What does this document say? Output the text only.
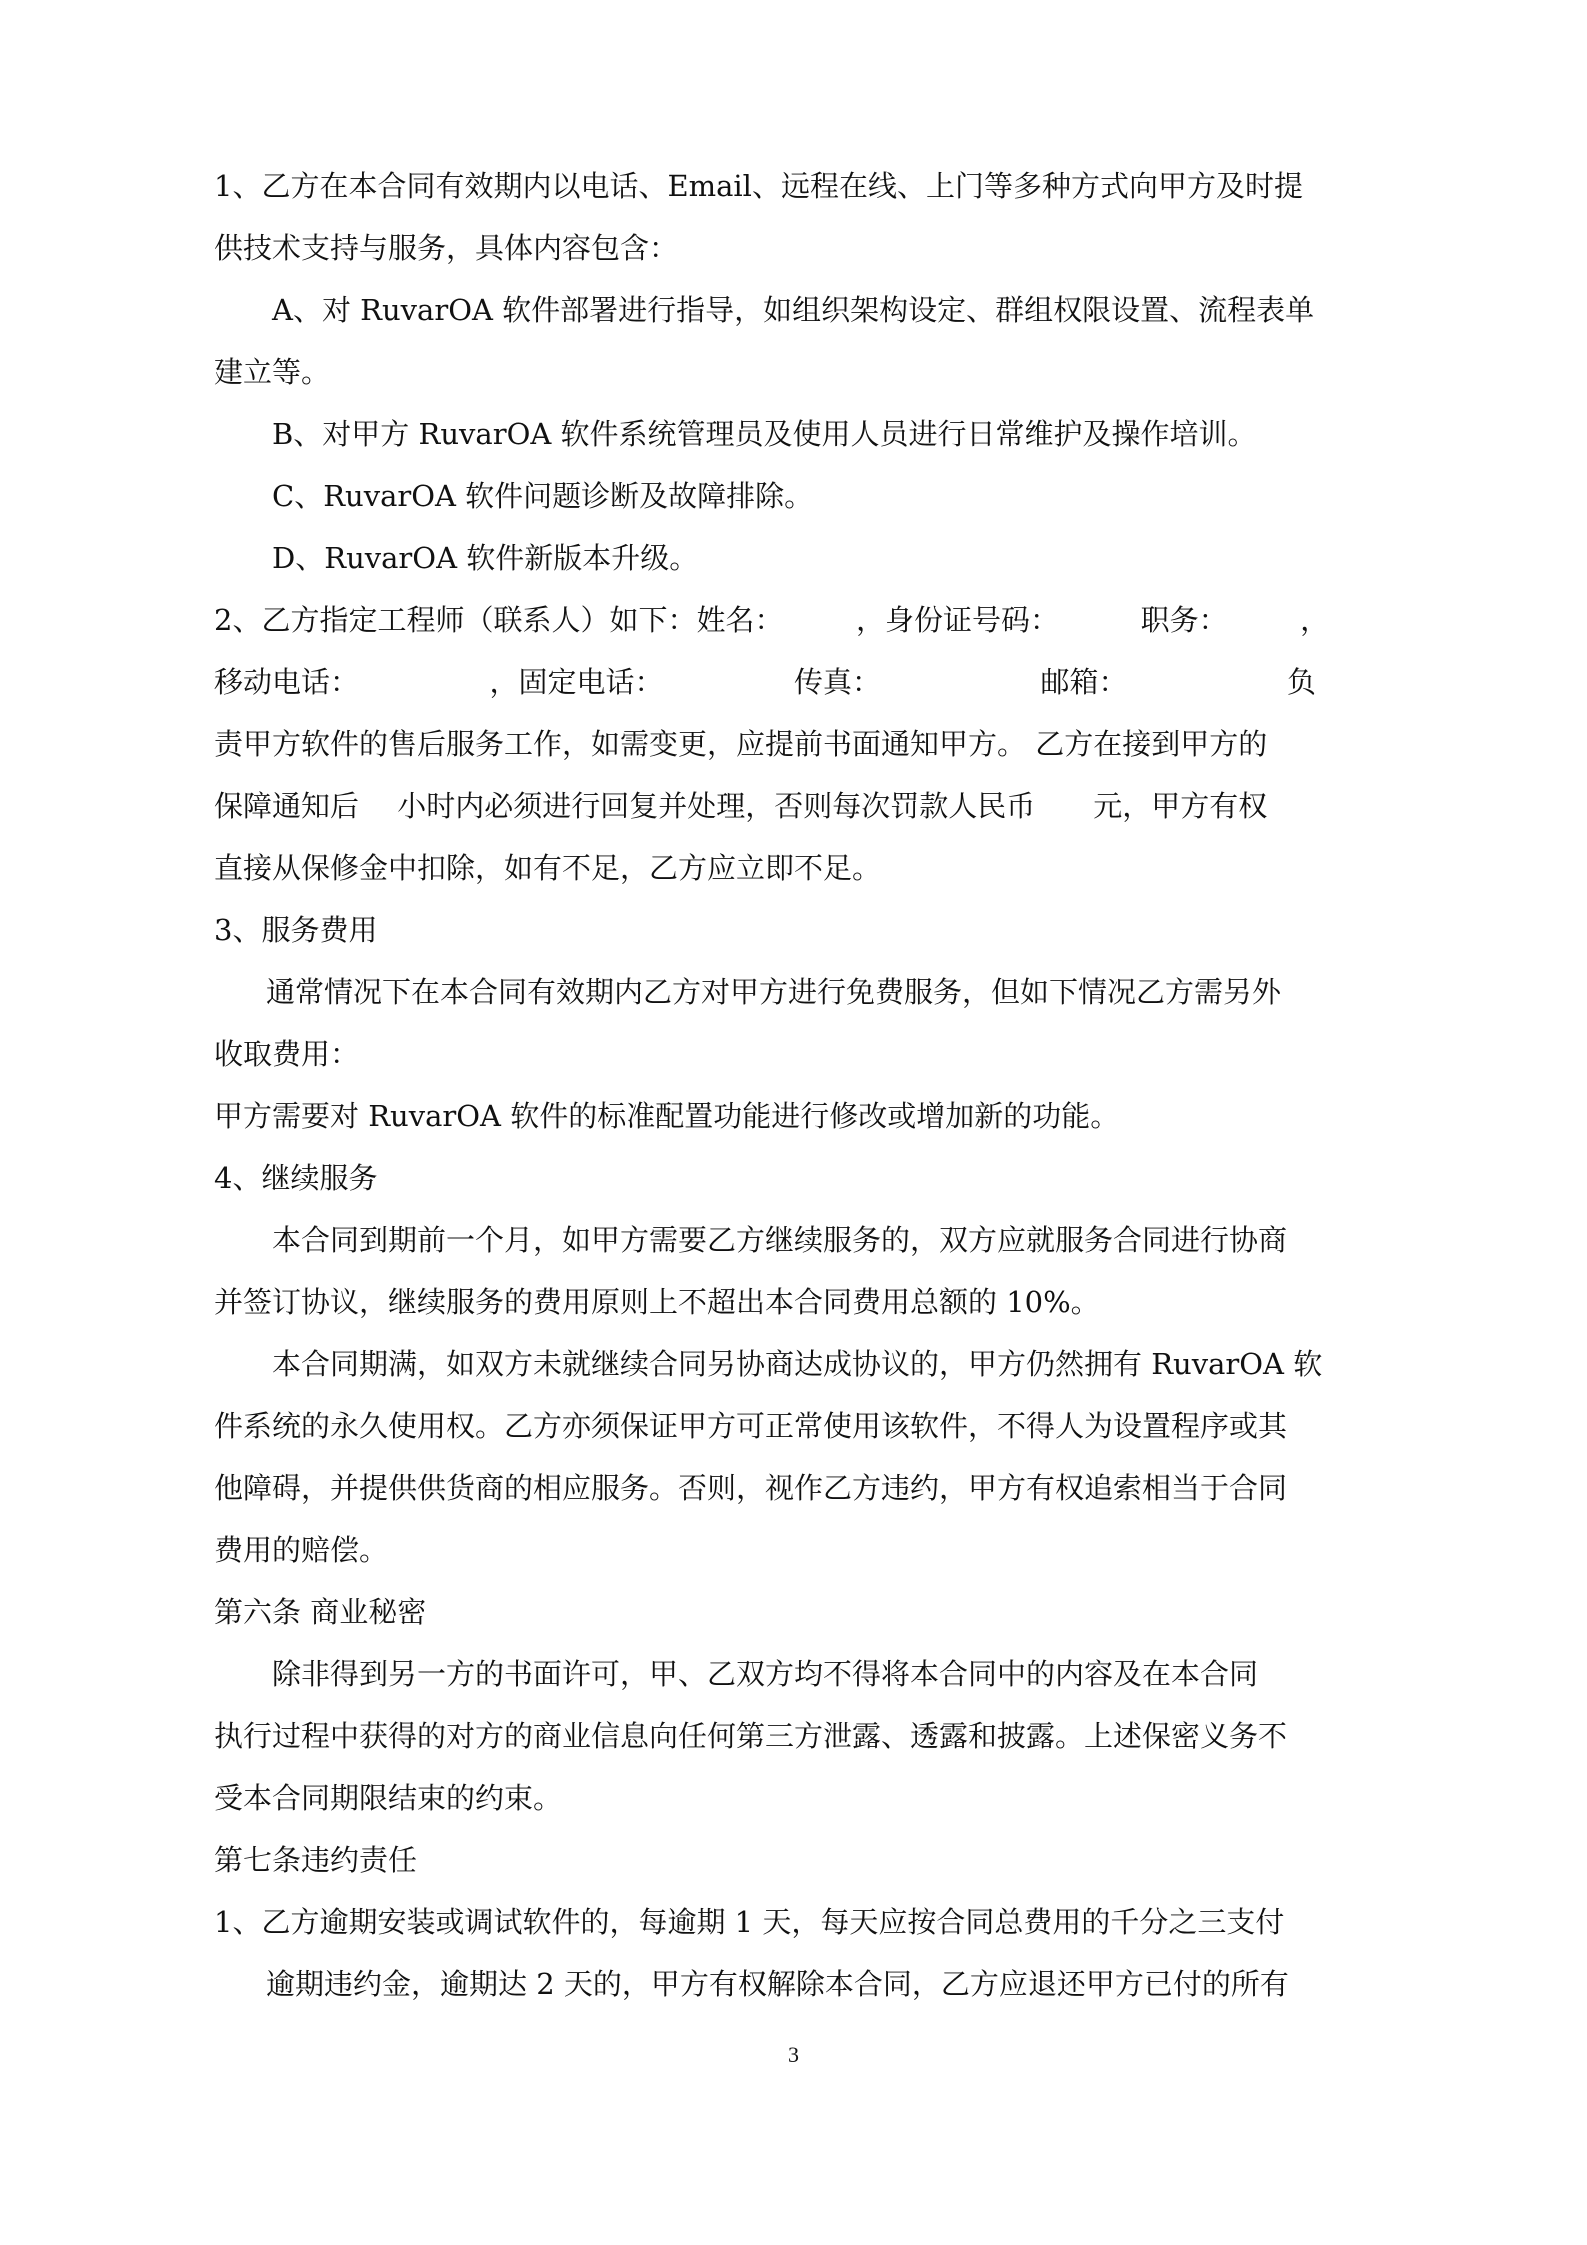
1、乙方在本合同有效期内以电话、Email、远程在线、上门等多种方式向甲方及时提
供技术支持与服务，具体内容包含：
A、对 RuvarOA 软件部署进行指导，如组织架构设定、群组权限设置、流程表单
建立等。
B、对甲方 RuvarOA 软件系统管理员及使用人员进行日常维护及操作培训。
C、RuvarOA 软件问题诊断及故障排除。
D、RuvarOA 软件新版本升级。
2、乙方指定工程师（联系人）如下：姓名：　　　，身份证号码：　　　 职务：　　　，
移动电话：　　　　　，固定电话：　　　　　传真：　　　　　　邮箱：　　　　　　负
责甲方软件的售后服务工作，如需变更，应提前书面通知甲方。 乙方在接到甲方的
保障通知后　 小时内必须进行回复并处理，否则每次罚款人民币　　元，甲方有权
直接从保修金中扣除，如有不足，乙方应立即不足。
3、服务费用
通常情况下在本合同有效期内乙方对甲方进行免费服务，但如下情况乙方需另外
收取费用：
甲方需要对 RuvarOA 软件的标准配置功能进行修改或增加新的功能。
4、继续服务
本合同到期前一个月，如甲方需要乙方继续服务的，双方应就服务合同进行协商
并签订协议，继续服务的费用原则上不超出本合同费用总额的 10%。
本合同期满，如双方未就继续合同另协商达成协议的，甲方仍然拥有 RuvarOA 软
件系统的永久使用权。乙方亦须保证甲方可正常使用该软件，不得人为设置程序或其
他障碍，并提供供货商的相应服务。否则，视作乙方违约，甲方有权追索相当于合同
费用的赔偿。
第六条 商业秘密
除非得到另一方的书面许可，甲、乙双方均不得将本合同中的内容及在本合同
执行过程中获得的对方的商业信息向任何第三方泄露、透露和披露。上述保密义务不
受本合同期限结束的约束。
第七条违约责任
1、乙方逾期安装或调试软件的，每逾期 1 天，每天应按合同总费用的千分之三支付
逾期违约金，逾期达 2 天的，甲方有权解除本合同，乙方应退还甲方已付的所有
3
